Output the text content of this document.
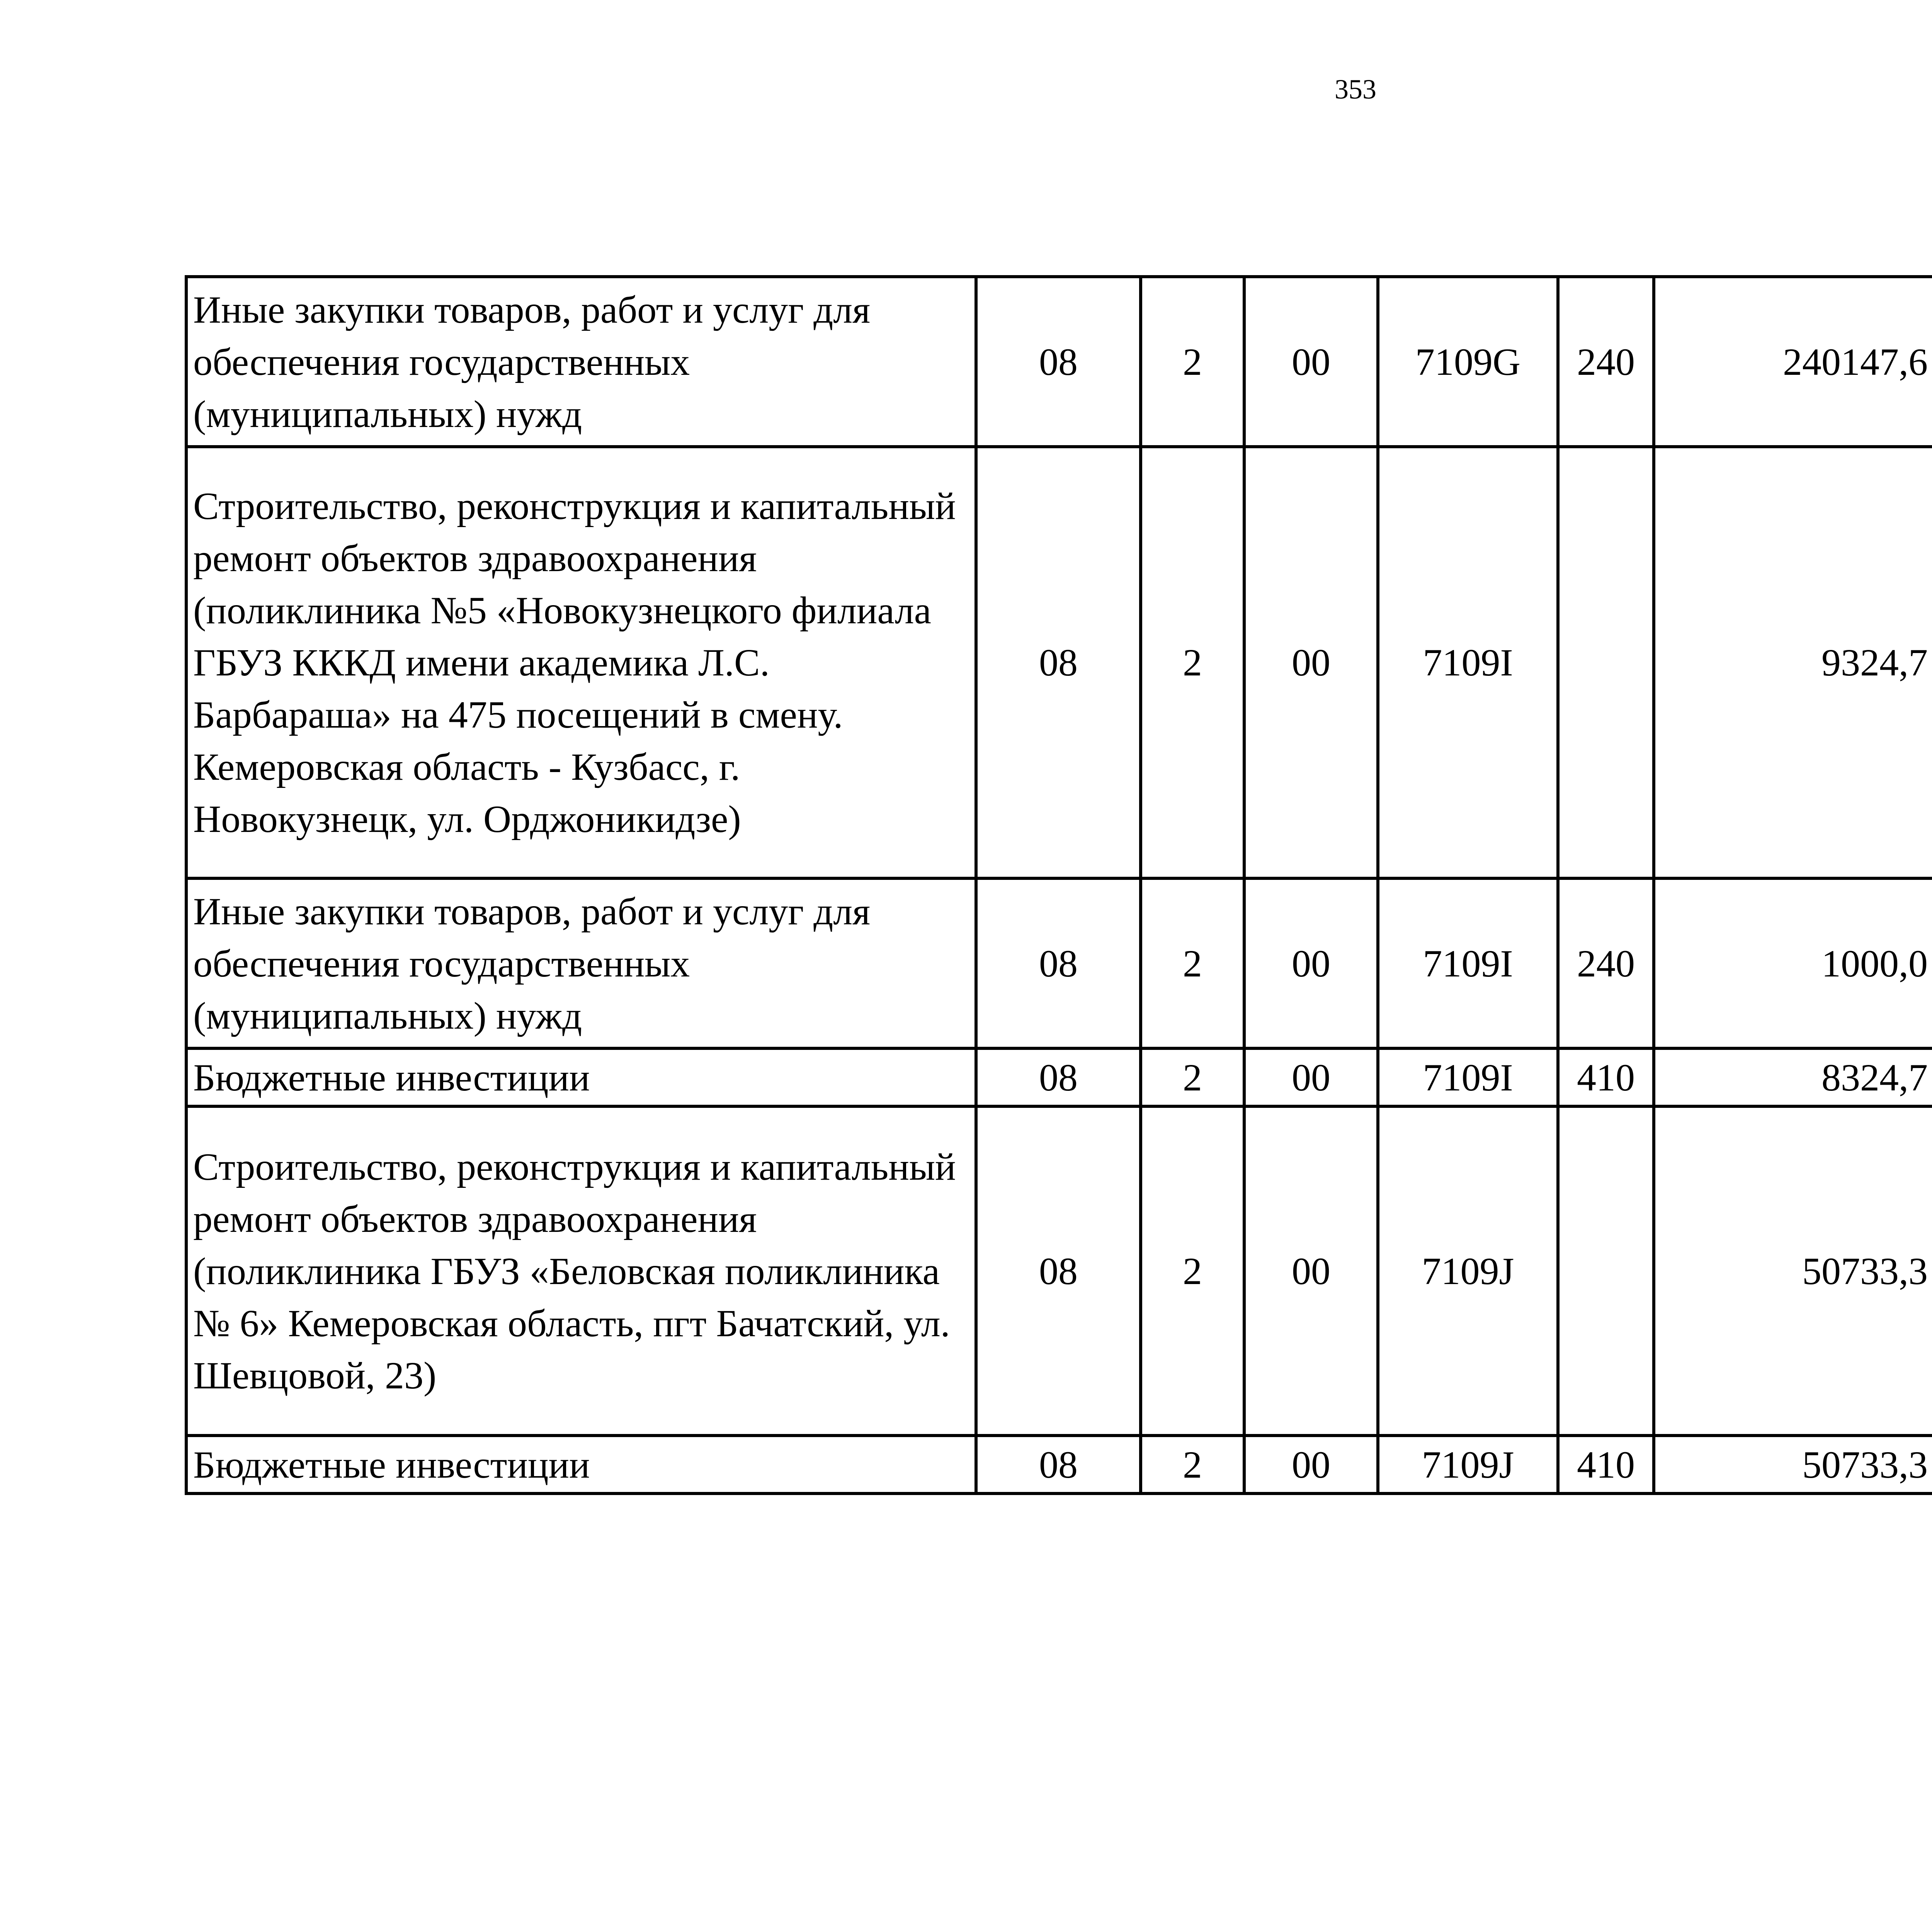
353
Иные закупки товаров, работ и услуг для обеспечения государственных (муниципальных) нужд	08	2	00	7109G	240	240147,6		
Строительство, реконструкция и капитальный ремонт объектов здравоохранения (поликлиника №5 «Новокузнецкого филиала ГБУЗ КККД имени академика Л.С. Барбараша» на 475 посещений в смену. Кемеровская область - Кузбасс, г. Новокузнецк, ул. Орджоникидзе)	08	2	00	7109I		9324,7		
Иные закупки товаров, работ и услуг для обеспечения государственных (муниципальных) нужд	08	2	00	7109I	240	1000,0		
Бюджетные инвестиции	08	2	00	7109I	410	8324,7		
Строительство, реконструкция и капитальный ремонт объектов здравоохранения (поликлиника ГБУЗ «Беловская поликлиника № 6» Кемеровская область, пгт Бачатский, ул. Шевцовой, 23)	08	2	00	7109J		50733,3		
Бюджетные инвестиции	08	2	00	7109J	410	50733,3		
